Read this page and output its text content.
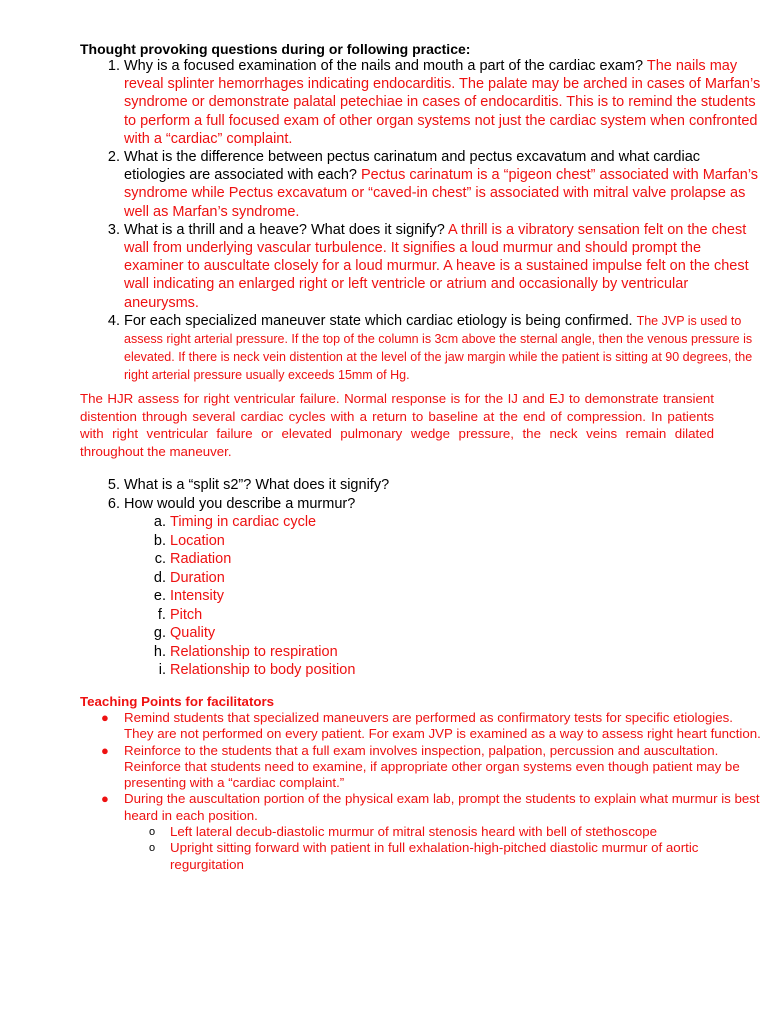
Thought provoking questions during or following practice:

1. Why is a focused examination of the nails and mouth a part of the cardiac exam? The nails may reveal splinter hemorrhages indicating endocarditis. The palate may be arched in cases of Marfan’s syndrome or demonstrate palatal petechiae in cases of endocarditis. This is to remind the students to perform a full focused exam of other organ systems not just the cardiac system when confronted with a “cardiac” complaint.
2. What is the difference between pectus carinatum and pectus excavatum and what cardiac etiologies are associated with each? Pectus carinatum is a “pigeon chest” associated with Marfan’s syndrome while Pectus excavatum or “caved-in chest” is associated with mitral valve prolapse as well as Marfan’s syndrome.
3. What is a thrill and a heave? What does it signify? A thrill is a vibratory sensation felt on the chest wall from underlying vascular turbulence. It signifies a loud murmur and should prompt the examiner to auscultate closely for a loud murmur. A heave is a sustained impulse felt on the chest wall indicating an enlarged right or left ventricle or atrium and occasionally by ventricular aneurysms.
4. For each specialized maneuver state which cardiac etiology is being confirmed. The JVP is used to assess right arterial pressure. If the top of the column is 3cm above the sternal angle, then the venous pressure is elevated. If there is neck vein distention at the level of the jaw margin while the patient is sitting at 90 degrees, the right arterial pressure usually exceeds 15mm of Hg.

The HJR assess for right ventricular failure. Normal response is for the IJ and EJ to demonstrate transient distention through several cardiac cycles with a return to baseline at the end of compression. In patients with right ventricular failure or elevated pulmonary wedge pressure, the neck veins remain dilated throughout the maneuver.

5. What is a “split s2”? What does it signify?
6. How would you describe a murmur?
a. Timing in cardiac cycle
b. Location
c. Radiation
d. Duration
e. Intensity
f. Pitch
g. Quality
h. Relationship to respiration
i. Relationship to body position

Teaching Points for facilitators

● Remind students that specialized maneuvers are performed as confirmatory tests for specific etiologies. They are not performed on every patient. For exam JVP is examined as a way to assess right heart function.
● Reinforce to the students that a full exam involves inspection, palpation, percussion and auscultation. Reinforce that students need to examine, if appropriate other organ systems even though patient may be presenting with a “cardiac complaint.”
● During the auscultation portion of the physical exam lab, prompt the students to explain what murmur is best heard in each position.
o Left lateral decub-diastolic murmur of mitral stenosis heard with bell of stethoscope
o Upright sitting forward with patient in full exhalation-high-pitched diastolic murmur of aortic regurgitation
